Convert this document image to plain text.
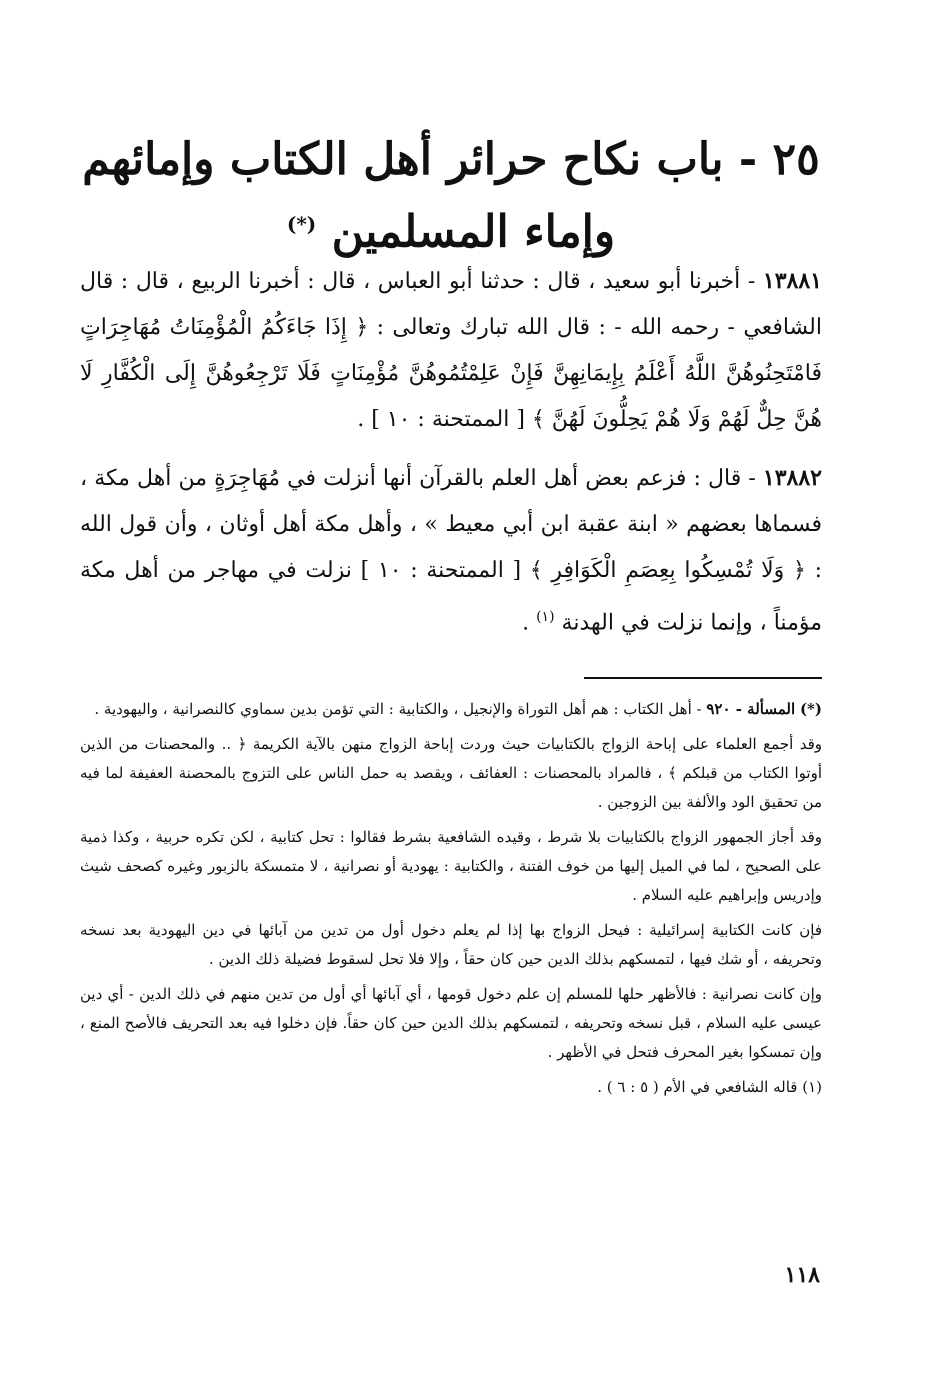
٢٥ - باب نكاح حرائر أهل الكتاب وإمائهم
وإماء المسلمين (*)

١٣٨٨١ - أخبرنا أبو سعيد ، قال : حدثنا أبو العباس ، قال : أخبرنا الربيع ، قال : قال الشافعي - رحمه الله - : قال الله تبارك وتعالى : ﴿ إِذَا جَاءَكُمُ الْمُؤْمِنَاتُ مُهَاجِرَاتٍ فَامْتَحِنُوهُنَّ اللَّهُ أَعْلَمُ بِإِيمَانِهِنَّ فَإِنْ عَلِمْتُمُوهُنَّ مُؤْمِنَاتٍ فَلَا تَرْجِعُوهُنَّ إِلَى الْكُفَّارِ لَا هُنَّ حِلٌّ لَهُمْ وَلَا هُمْ يَحِلُّونَ لَهُنَّ ﴾ [ الممتحنة : ١٠ ] .

١٣٨٨٢ - قال : فزعم بعض أهل العلم بالقرآن أنها أنزلت في مُهَاجِرَةٍ من أهل مكة ، فسماها بعضهم « ابنة عقبة ابن أبي معيط » ، وأهل مكة أهل أوثان ، وأن قول الله : ﴿ وَلَا تُمْسِكُوا بِعِصَمِ الْكَوَافِرِ ﴾ [ الممتحنة : ١٠ ] نزلت في مهاجر من أهل مكة مؤمناً ، وإنما نزلت في الهدنة $^{(١)}$ .

(*) المسألة - ٩٢٠ - أهل الكتاب : هم أهل التوراة والإنجيل ، والكتابية : التي تؤمن بدين سماوي كالنصرانية ، واليهودية .

وقد أجمع العلماء على إباحة الزواج بالكتابيات حيث وردت إباحة الزواج منهن بالآية الكريمة ﴿ .. والمحصنات من الذين أوتوا الكتاب من قبلكم ﴾ ، فالمراد بالمحصنات : العفائف ، ويقصد به حمل الناس على التزوج بالمحصنة العفيفة لما فيه من تحقيق الود والألفة بين الزوجين .

وقد أجاز الجمهور الزواج بالكتابيات بلا شرط ، وقيده الشافعية بشرط فقالوا : تحل كتابية ، لكن تكره حربية ، وكذا ذمية على الصحيح ، لما في الميل إليها من خوف الفتنة ، والكتابية : يهودية أو نصرانية ، لا متمسكة بالزبور وغيره كصحف شيث وإدريس وإبراهيم عليه السلام .

فإن كانت الكتابية إسرائيلية : فيحل الزواج بها إذا لم يعلم دخول أول من تدين من آبائها في دين اليهودية بعد نسخه وتحريفه ، أو شك فيها ، لتمسكهم بذلك الدين حين كان حقاً ، وإلا فلا تحل لسقوط فضيلة ذلك الدين .

وإن كانت نصرانية : فالأظهر حلها للمسلم إن علم دخول قومها ، أي آبائها أي أول من تدين منهم في ذلك الدين - أي دين عيسى عليه السلام ، قبل نسخه وتحريفه ، لتمسكهم بذلك الدين حين كان حقاً. فإن دخلوا فيه بعد التحريف فالأصح المنع ، وإن تمسكوا بغير المحرف فتحل في الأظهر .

(١) قاله الشافعي في الأم ( ٥ : ٦ ) .

١١٨
